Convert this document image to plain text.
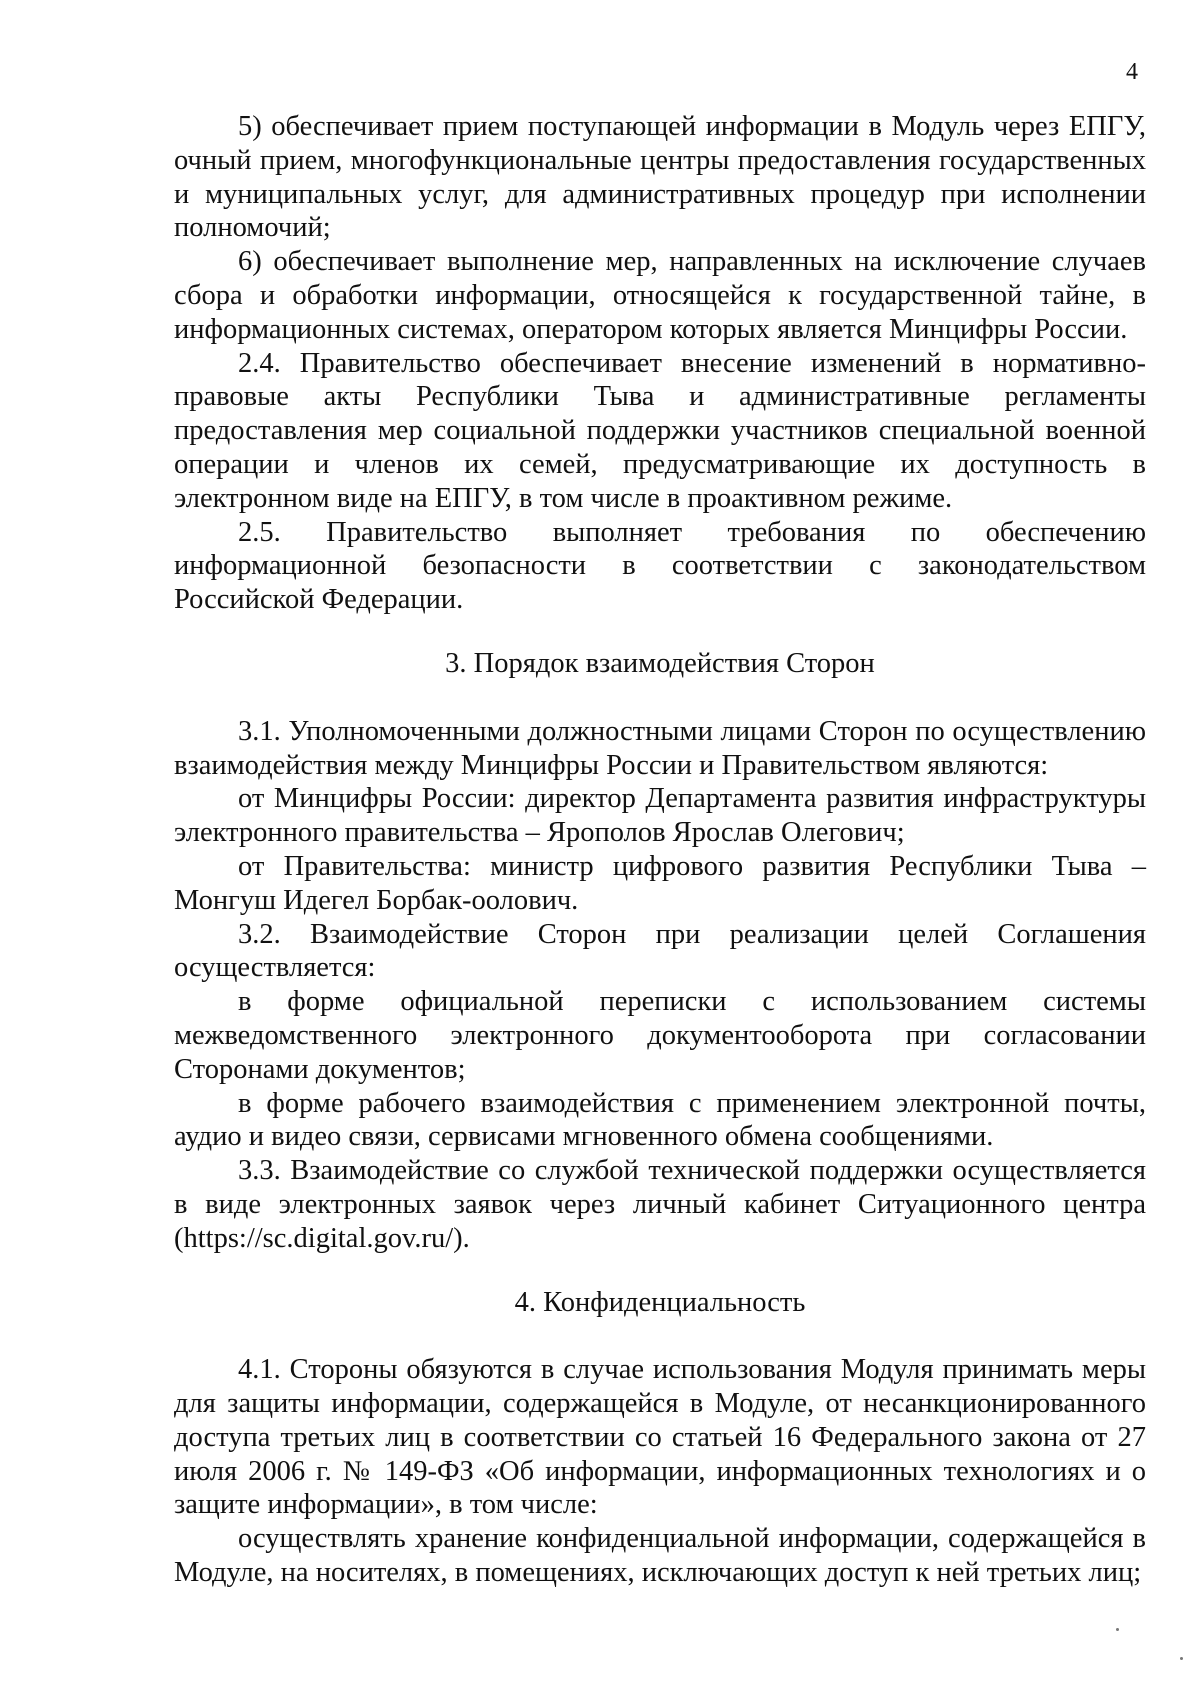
4

5) обеспечивает прием поступающей информации в Модуль через ЕПГУ, очный прием, многофункциональные центры предоставления государственных и муниципальных услуг, для административных процедур при исполнении полномочий;

6) обеспечивает выполнение мер, направленных на исключение случаев сбора и обработки информации, относящейся к государственной тайне, в информационных системах, оператором которых является Минцифры России.

2.4. Правительство обеспечивает внесение изменений в нормативно-правовые акты Республики Тыва и административные регламенты предоставления мер социальной поддержки участников специальной военной операции и членов их семей, предусматривающие их доступность в электронном виде на ЕПГУ, в том числе в проактивном режиме.

2.5. Правительство выполняет требования по обеспечению информационной безопасности в соответствии с законодательством Российской Федерации.

3. Порядок взаимодействия Сторон

3.1. Уполномоченными должностными лицами Сторон по осуществлению взаимодействия между Минцифры России и Правительством являются:

от Минцифры России: директор Департамента развития инфраструктуры электронного правительства – Ярополов Ярослав Олегович;

от Правительства: министр цифрового развития Республики Тыва – Монгуш Идегел Борбак-оолович.

3.2. Взаимодействие Сторон при реализации целей Соглашения осуществляется:

в форме официальной переписки с использованием системы межведомственного электронного документооборота при согласовании Сторонами документов;

в форме рабочего взаимодействия с применением электронной почты, аудио и видео связи, сервисами мгновенного обмена сообщениями.

3.3. Взаимодействие со службой технической поддержки осуществляется в виде электронных заявок через личный кабинет Ситуационного центра (https://sc.digital.gov.ru/).

4. Конфиденциальность

4.1. Стороны обязуются в случае использования Модуля принимать меры для защиты информации, содержащейся в Модуле, от несанкционированного доступа третьих лиц в соответствии со статьей 16 Федерального закона от 27 июля 2006 г. № 149-ФЗ «Об информации, информационных технологиях и о защите информации», в том числе:

осуществлять хранение конфиденциальной информации, содержащейся в Модуле, на носителях, в помещениях, исключающих доступ к ней третьих лиц;
